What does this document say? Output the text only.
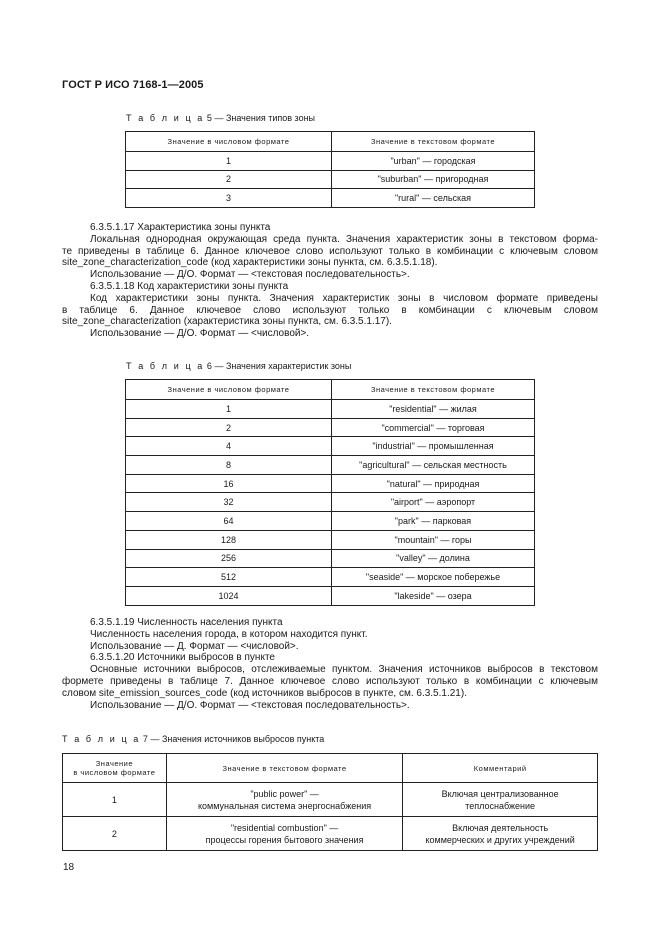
ГОСТ Р ИСО 7168-1—2005
Т а б л и ц а 5 — Значения типов зоны
Значение в числовом формате	Значение в текстовом формате
1	"urban" — городская
2	"suburban" — пригородная
3	"rural" — сельская
6.3.5.1.17 Характеристика зоны пункта
Локальная однородная окружающая среда пункта. Значения характеристик зоны в текстовом форма-
те приведены в таблице 6. Данное ключевое слово используют только в комбинации с ключевым словом
site_zone_characterization_code (код характеристики зоны пункта, см. 6.3.5.1.18).
Использование — Д/О. Формат — <текстовая последовательность>.
6.3.5.1.18 Код характеристики зоны пункта
Код характеристики зоны пункта. Значения характеристик зоны в числовом формате приведены
в таблице 6. Данное ключевое слово используют только в комбинации с ключевым словом
site_zone_characterization (характеристика зоны пункта, см. 6.3.5.1.17).
Использование — Д/О. Формат — <числовой>.
Т а б л и ц а 6 — Значения характеристик зоны
Значение в числовом формате	Значение в текстовом формате
1	"residential" — жилая
2	"commercial" — торговая
4	"industrial" — промышленная
8	"agricultural" — сельская местность
16	"natural" — природная
32	"airport" — аэропорт
64	"park" — парковая
128	"mountain" — горы
256	"valley" — долина
512	"seaside" — морское побережье
1024	"lakeside" — озера
6.3.5.1.19 Численность населения пункта
Численность населения города, в котором находится пункт.
Использование — Д. Формат — <числовой>.
6.3.5.1.20 Источники выбросов в пункте
Основные источники выбросов, отслеживаемые пунктом. Значения источников выбросов в текстовом
формете приведены в таблице 7. Данное ключевое слово используют только в комбинации с ключевым
словом site_emission_sources_code (код источников выбросов в пункте, см. 6.3.5.1.21).
Использование — Д/О. Формат — <текстовая последовательность>.
Т а б л и ц а 7 — Значения источников выбросов пункта
Значение
в числовом формате	Значение в текстовом формате	Комментарий
1	"public power" —
коммунальная система энергоснабжения	Включая централизованное
теплоснабжение
2	"residential combustion" —
процессы горения бытового значения	Включая деятельность
коммерческих и других учреждений
18
